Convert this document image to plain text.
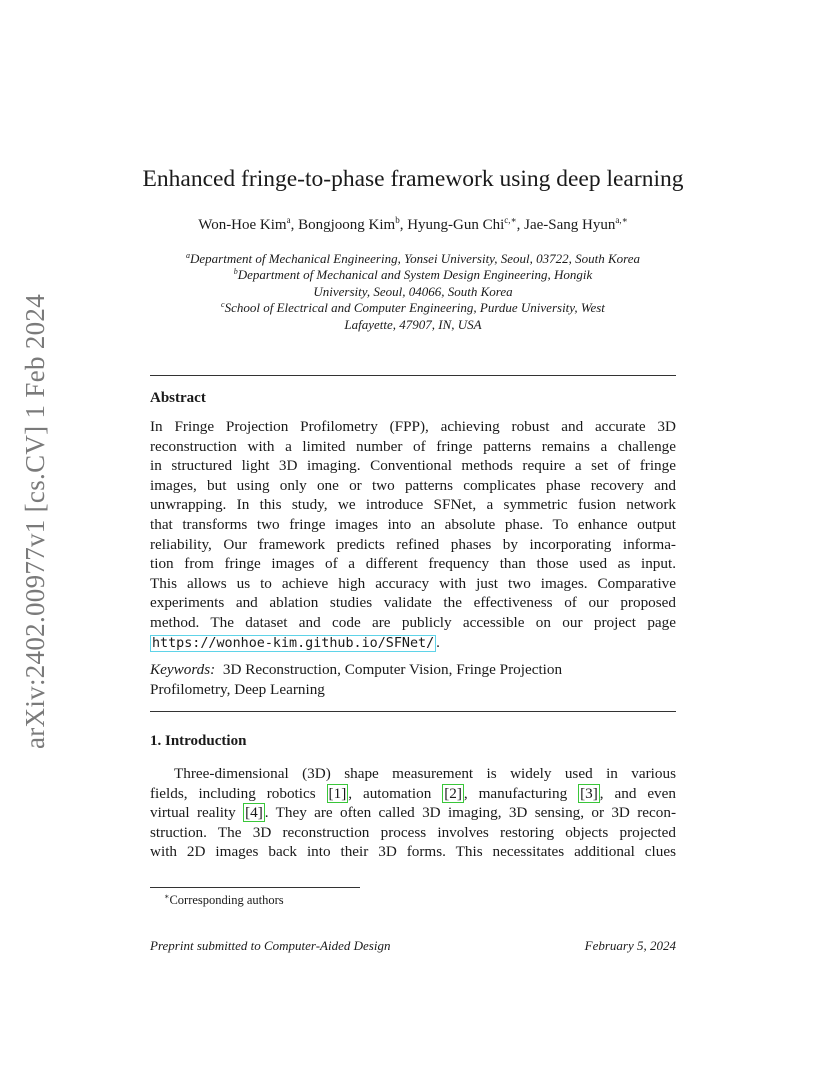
arXiv:2402.00977v1 [cs.CV] 1 Feb 2024
Enhanced fringe-to-phase framework using deep learning
Won-Hoe Kim$^a$, Bongjoong Kim$^b$, Hyung-Gun Chi$^{c,∗}$, Jae-Sang Hyun$^{a,∗}$
$^a$Department of Mechanical Engineering, Yonsei University, Seoul, 03722, South Korea
$^b$Department of Mechanical and System Design Engineering, Hongik
University, Seoul, 04066, South Korea
$^c$School of Electrical and Computer Engineering, Purdue University, West
Lafayette, 47907, IN, USA
Abstract
In Fringe Projection Profilometry (FPP), achieving robust and accurate 3D
reconstruction with a limited number of fringe patterns remains a challenge
in structured light 3D imaging. Conventional methods require a set of fringe
images, but using only one or two patterns complicates phase recovery and
unwrapping. In this study, we introduce SFNet, a symmetric fusion network
that transforms two fringe images into an absolute phase. To enhance output
reliability, Our framework predicts refined phases by incorporating informa-
tion from fringe images of a different frequency than those used as input.
This allows us to achieve high accuracy with just two images. Comparative
experiments and ablation studies validate the effectiveness of our proposed
method. The dataset and code are publicly accessible on our project page
https://wonhoe-kim.github.io/SFNet/ .
Keywords: 3D Reconstruction, Computer Vision, Fringe Projection
Profilometry, Deep Learning
1. Introduction
Three-dimensional (3D) shape measurement is widely used in various
fields, including robotics [1] , automation [2] , manufacturing [3] , and even
virtual reality [4] . They are often called 3D imaging, 3D sensing, or 3D recon-
struction. The 3D reconstruction process involves restoring objects projected
with 2D images back into their 3D forms. This necessitates additional clues
∗Corresponding authors
Preprint submitted to Computer-Aided Design	February 5, 2024
